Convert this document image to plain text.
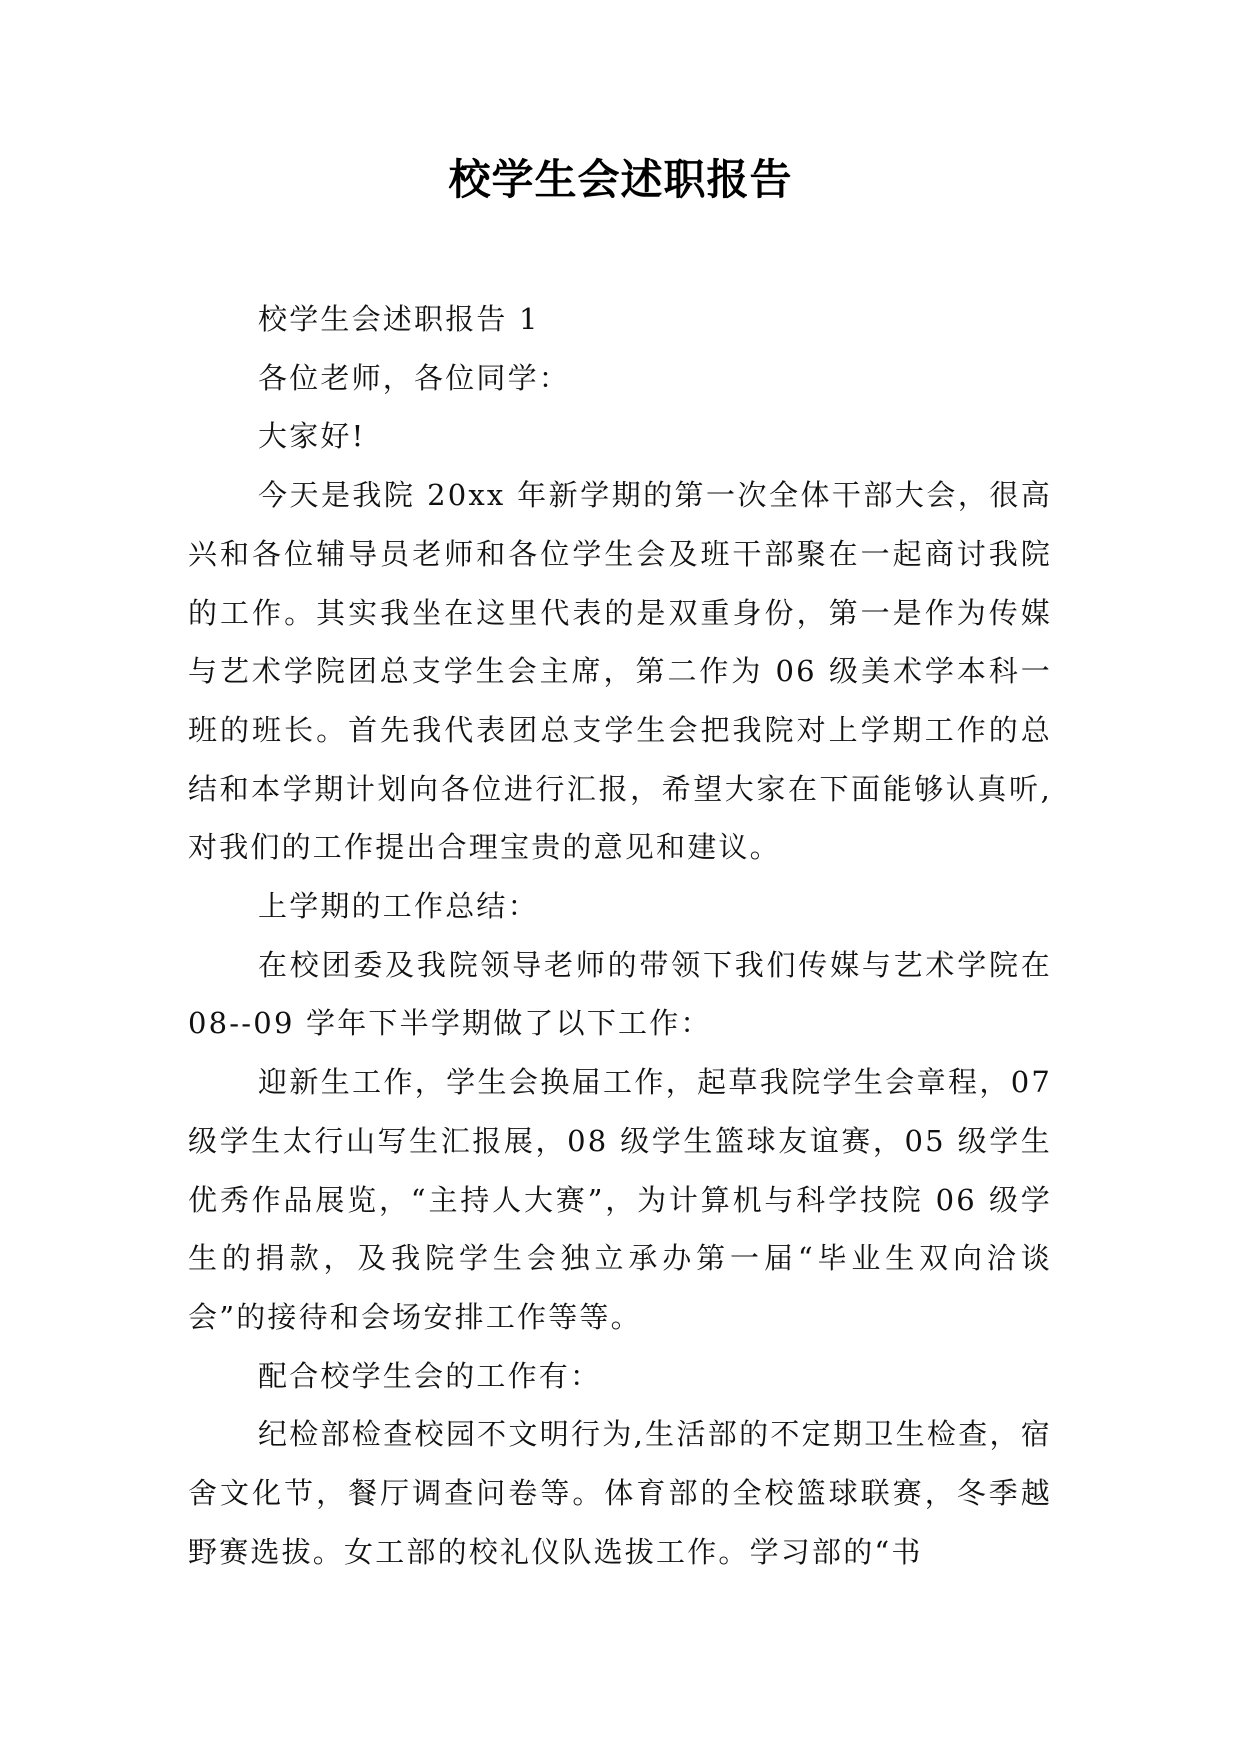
校学生会述职报告

校学生会述职报告 1

各位老师，各位同学：

大家好!

今天是我院 20xx 年新学期的第一次全体干部大会，很高兴和各位辅导员老师和各位学生会及班干部聚在一起商讨我院的工作。其实我坐在这里代表的是双重身份，第一是作为传媒与艺术学院团总支学生会主席，第二作为 06 级美术学本科一班的班长。首先我代表团总支学生会把我院对上学期工作的总结和本学期计划向各位进行汇报，希望大家在下面能够认真听,对我们的工作提出合理宝贵的意见和建议。

上学期的工作总结：

在校团委及我院领导老师的带领下我们传媒与艺术学院在 08--09 学年下半学期做了以下工作：

迎新生工作，学生会换届工作，起草我院学生会章程，07 级学生太行山写生汇报展，08 级学生篮球友谊赛，05 级学生优秀作品展览，“主持人大赛”，为计算机与科学技院 06 级学生的捐款，及我院学生会独立承办第一届“毕业生双向洽谈会”的接待和会场安排工作等等。

配合校学生会的工作有：

纪检部检查校园不文明行为,生活部的不定期卫生检查，宿舍文化节，餐厅调查问卷等。体育部的全校篮球联赛，冬季越野赛选拔。女工部的校礼仪队选拔工作。学习部的“书
